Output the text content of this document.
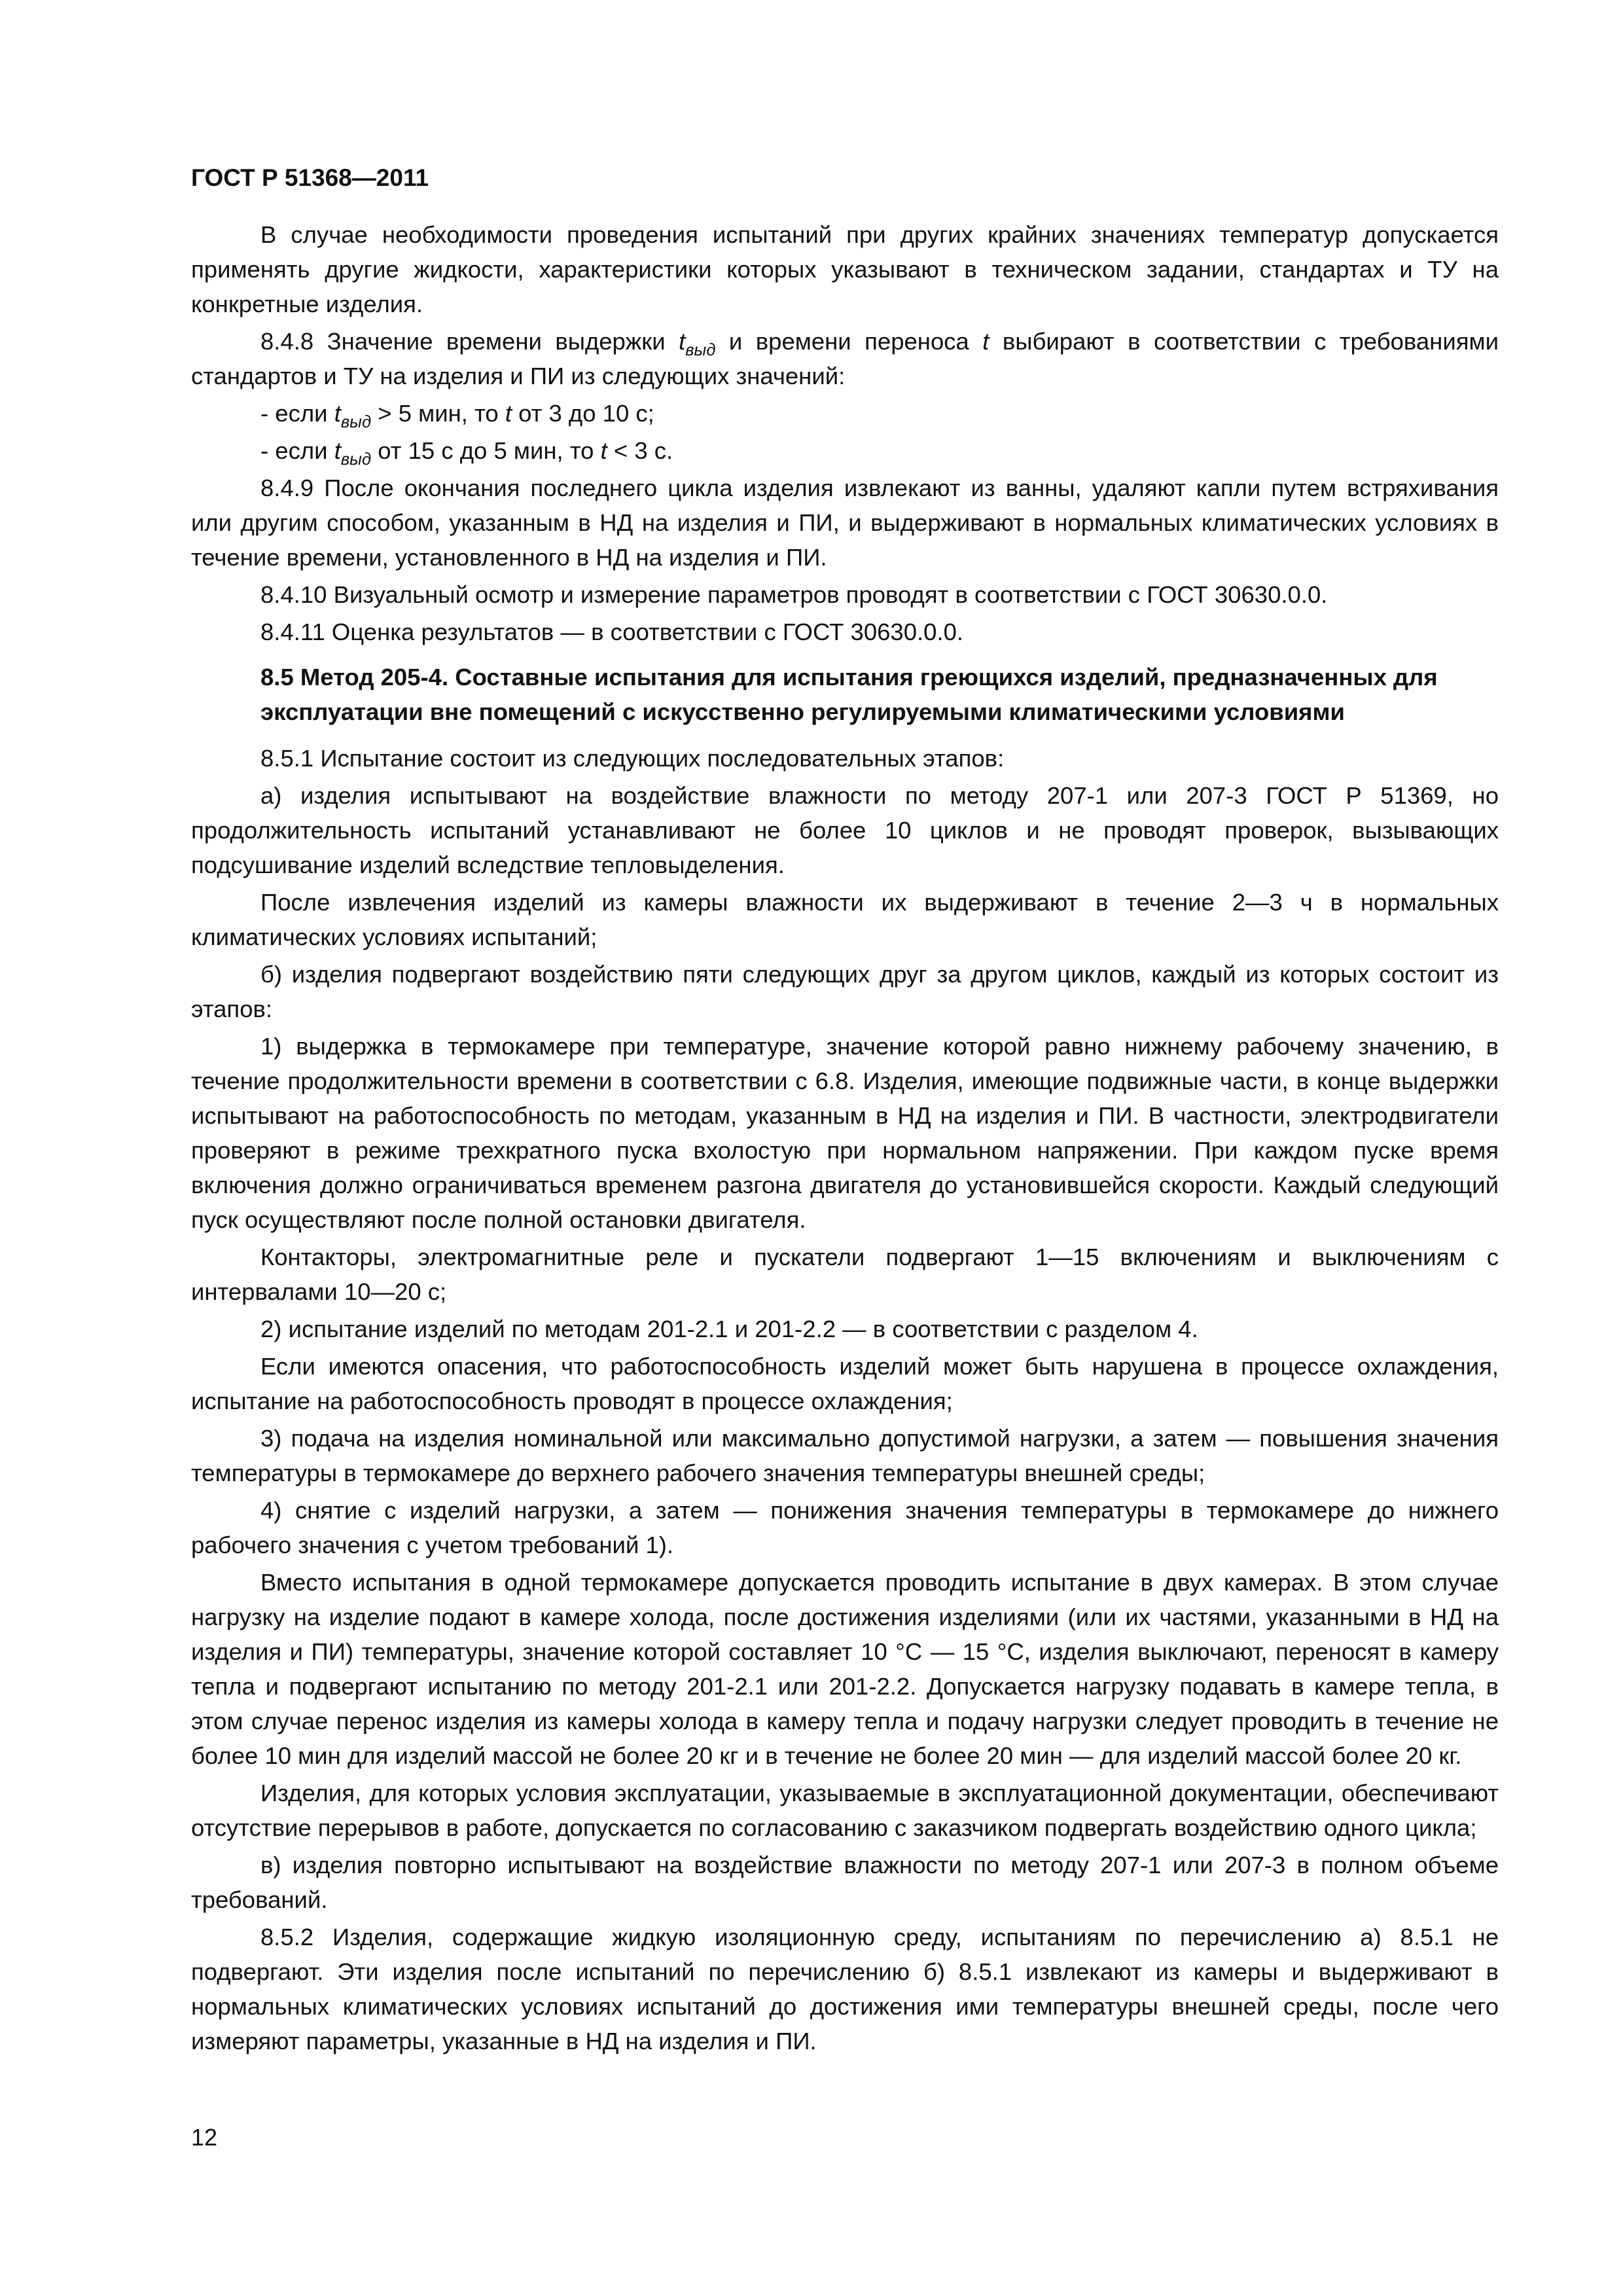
ГОСТ Р 51368—2011

В случае необходимости проведения испытаний при других крайних значениях температур допускается применять другие жидкости, характеристики которых указывают в техническом задании, стандартах и ТУ на конкретные изделия.

8.4.8 Значение времени выдержки $t_{выд}$ и времени переноса t выбирают в соответствии с требованиями стандартов и ТУ на изделия и ПИ из следующих значений:

- если $t_{выд} > 5$ мин, то t от 3 до 10 с;

- если $t_{выд}$ от 15 с до 5 мин, то t < 3 с.

8.4.9 После окончания последнего цикла изделия извлекают из ванны, удаляют капли путем встряхивания или другим способом, указанным в НД на изделия и ПИ, и выдерживают в нормальных климатических условиях в течение времени, установленного в НД на изделия и ПИ.

8.4.10 Визуальный осмотр и измерение параметров проводят в соответствии с ГОСТ 30630.0.0.

8.4.11 Оценка результатов — в соответствии с ГОСТ 30630.0.0.

8.5 Метод 205-4. Составные испытания для испытания греющихся изделий, предназначенных для эксплуатации вне помещений с искусственно регулируемыми климатическими условиями

8.5.1 Испытание состоит из следующих последовательных этапов:

а) изделия испытывают на воздействие влажности по методу 207-1 или 207-3 ГОСТ Р 51369, но продолжительность испытаний устанавливают не более 10 циклов и не проводят проверок, вызывающих подсушивание изделий вследствие тепловыделения.

После извлечения изделий из камеры влажности их выдерживают в течение 2—3 ч в нормальных климатических условиях испытаний;

б) изделия подвергают воздействию пяти следующих друг за другом циклов, каждый из которых состоит из этапов:

1) выдержка в термокамере при температуре, значение которой равно нижнему рабочему значению, в течение продолжительности времени в соответствии с 6.8. Изделия, имеющие подвижные части, в конце выдержки испытывают на работоспособность по методам, указанным в НД на изделия и ПИ. В частности, электродвигатели проверяют в режиме трехкратного пуска вхолостую при нормальном напряжении. При каждом пуске время включения должно ограничиваться временем разгона двигателя до установившейся скорости. Каждый следующий пуск осуществляют после полной остановки двигателя.

Контакторы, электромагнитные реле и пускатели подвергают 1—15 включениям и выключениям с интервалами 10—20 с;

2) испытание изделий по методам 201-2.1 и 201-2.2 — в соответствии с разделом 4.

Если имеются опасения, что работоспособность изделий может быть нарушена в процессе охлаждения, испытание на работоспособность проводят в процессе охлаждения;

3) подача на изделия номинальной или максимально допустимой нагрузки, а затем — повышения значения температуры в термокамере до верхнего рабочего значения температуры внешней среды;

4) снятие с изделий нагрузки, а затем — понижения значения температуры в термокамере до нижнего рабочего значения с учетом требований 1).

Вместо испытания в одной термокамере допускается проводить испытание в двух камерах. В этом случае нагрузку на изделие подают в камере холода, после достижения изделиями (или их частями, указанными в НД на изделия и ПИ) температуры, значение которой составляет 10 °С — 15 °С, изделия выключают, переносят в камеру тепла и подвергают испытанию по методу 201-2.1 или 201-2.2. Допускается нагрузку подавать в камере тепла, в этом случае перенос изделия из камеры холода в камеру тепла и подачу нагрузки следует проводить в течение не более 10 мин для изделий массой не более 20 кг и в течение не более 20 мин — для изделий массой более 20 кг.

Изделия, для которых условия эксплуатации, указываемые в эксплуатационной документации, обеспечивают отсутствие перерывов в работе, допускается по согласованию с заказчиком подвергать воздействию одного цикла;

в) изделия повторно испытывают на воздействие влажности по методу 207-1 или 207-3 в полном объеме требований.

8.5.2 Изделия, содержащие жидкую изоляционную среду, испытаниям по перечислению а) 8.5.1 не подвергают. Эти изделия после испытаний по перечислению б) 8.5.1 извлекают из камеры и выдерживают в нормальных климатических условиях испытаний до достижения ими температуры внешней среды, после чего измеряют параметры, указанные в НД на изделия и ПИ.

12
